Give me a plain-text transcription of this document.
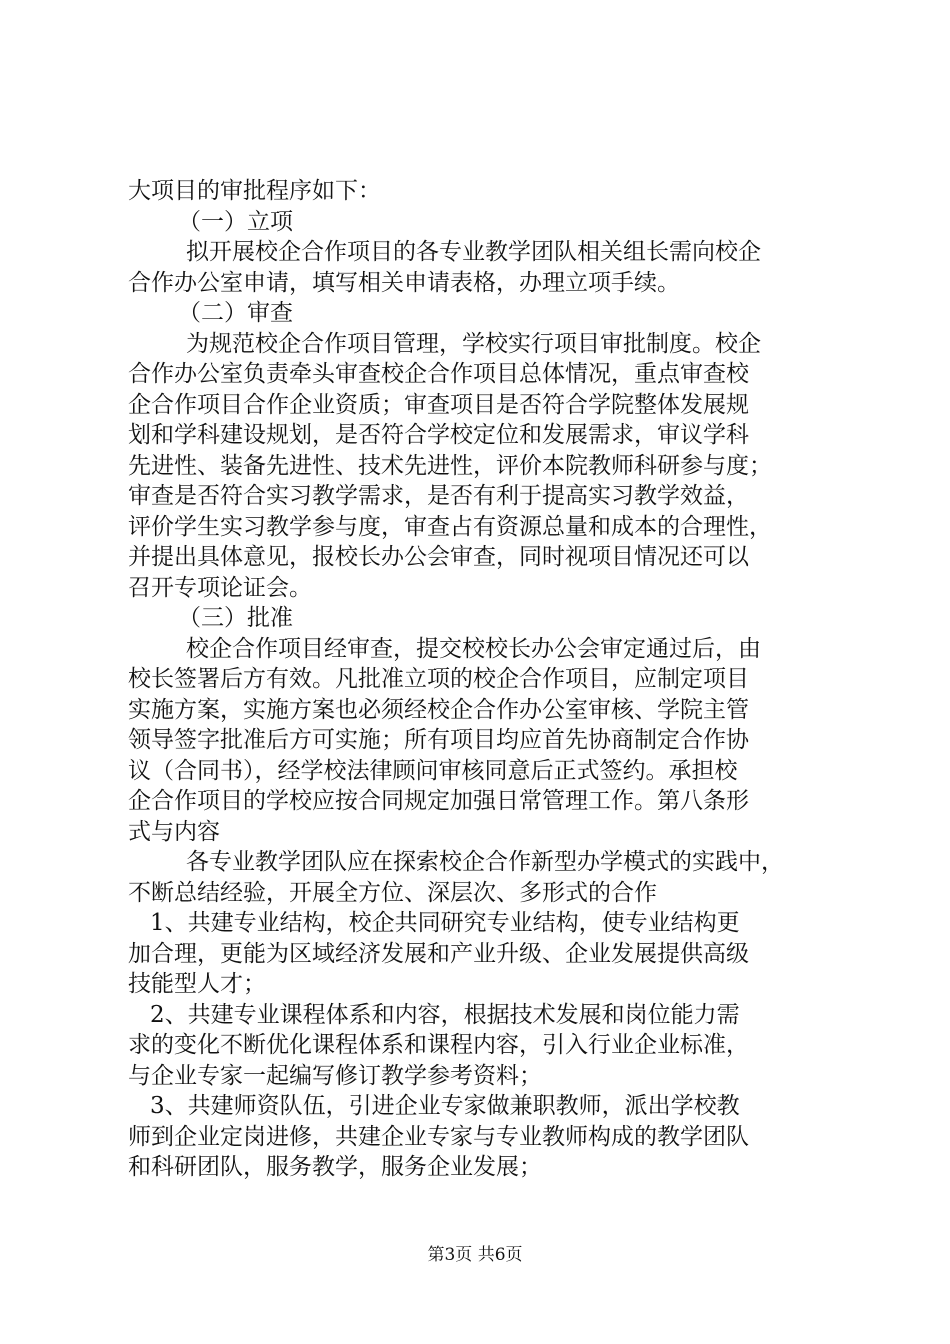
大项目的审批程序如下：
（一）立项
拟开展校企合作项目的各专业教学团队相关组长需向校企
合作办公室申请，填写相关申请表格，办理立项手续。
（二）审查
为规范校企合作项目管理，学校实行项目审批制度。校企
合作办公室负责牵头审查校企合作项目总体情况，重点审查校
企合作项目合作企业资质；审查项目是否符合学院整体发展规
划和学科建设规划，是否符合学校定位和发展需求，审议学科
先进性、装备先进性、技术先进性，评价本院教师科研参与度；
审查是否符合实习教学需求，是否有利于提高实习教学效益，
评价学生实习教学参与度，审查占有资源总量和成本的合理性，
并提出具体意见，报校长办公会审查，同时视项目情况还可以
召开专项论证会。
（三）批准
校企合作项目经审查，提交校校长办公会审定通过后，由
校长签署后方有效。凡批准立项的校企合作项目，应制定项目
实施方案，实施方案也必须经校企合作办公室审核、学院主管
领导签字批准后方可实施；所有项目均应首先协商制定合作协
议（合同书），经学校法律顾问审核同意后正式签约。承担校
企合作项目的学校应按合同规定加强日常管理工作。第八条形
式与内容
各专业教学团队应在探索校企合作新型办学模式的实践中，
不断总结经验，开展全方位、深层次、多形式的合作
1、共建专业结构，校企共同研究专业结构，使专业结构更
加合理，更能为区域经济发展和产业升级、企业发展提供高级
技能型人才；
2、共建专业课程体系和内容，根据技术发展和岗位能力需
求的变化不断优化课程体系和课程内容，引入行业企业标准，
与企业专家一起编写修订教学参考资料；
3、共建师资队伍，引进企业专家做兼职教师，派出学校教
师到企业定岗进修，共建企业专家与专业教师构成的教学团队
和科研团队，服务教学，服务企业发展；
第3页 共6页
